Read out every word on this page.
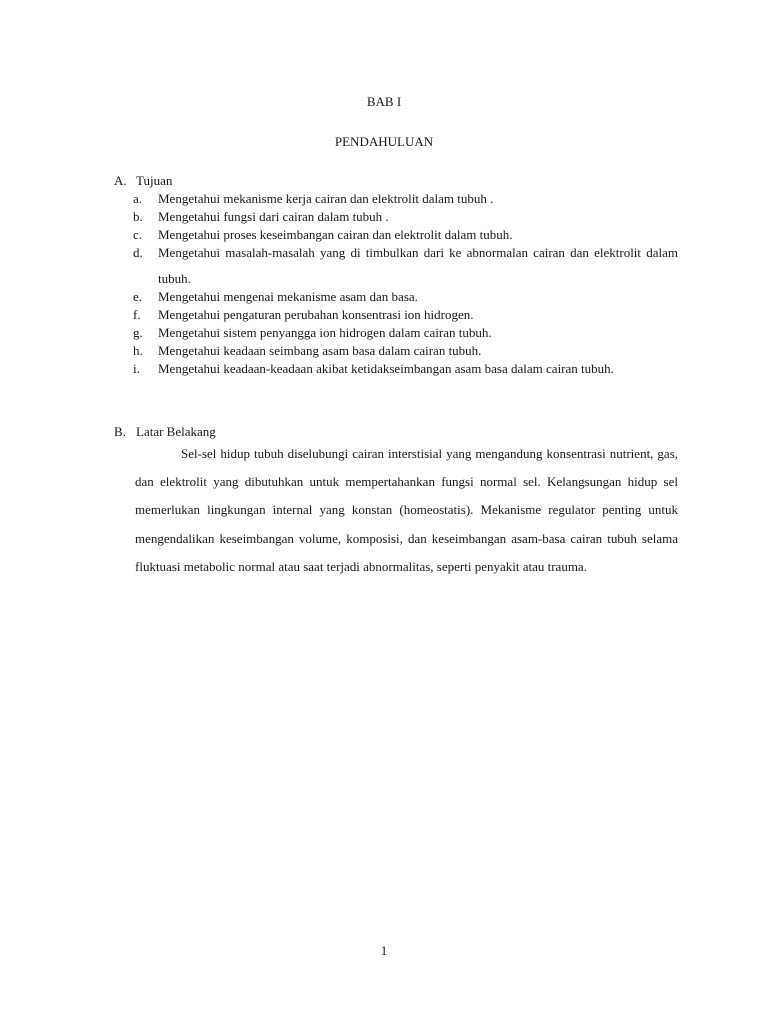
BAB I
PENDAHULUAN
A. Tujuan
a.	Mengetahui mekanisme kerja cairan dan elektrolit dalam tubuh .
b.	Mengetahui fungsi dari cairan dalam tubuh .
c.	Mengetahui proses keseimbangan cairan dan elektrolit dalam tubuh.
d.	Mengetahui masalah-masalah yang di timbulkan dari ke abnormalan cairan dan elektrolit dalam tubuh.
e.	Mengetahui mengenai mekanisme asam dan basa.
f.	Mengetahui pengaturan perubahan konsentrasi ion hidrogen.
g.	Mengetahui sistem penyangga ion hidrogen dalam cairan tubuh.
h.	Mengetahui keadaan seimbang asam basa dalam cairan tubuh.
i.	Mengetahui keadaan-keadaan akibat ketidakseimbangan asam basa dalam cairan tubuh.
B. Latar Belakang
Sel-sel hidup tubuh diselubungi cairan interstisial yang mengandung konsentrasi nutrient, gas, dan elektrolit yang dibutuhkan untuk mempertahankan fungsi normal sel. Kelangsungan hidup sel memerlukan lingkungan internal yang konstan (homeostatis). Mekanisme regulator penting untuk mengendalikan keseimbangan volume, komposisi, dan keseimbangan asam-basa cairan tubuh selama fluktuasi metabolic normal atau saat terjadi abnormalitas, seperti penyakit atau trauma.
1
